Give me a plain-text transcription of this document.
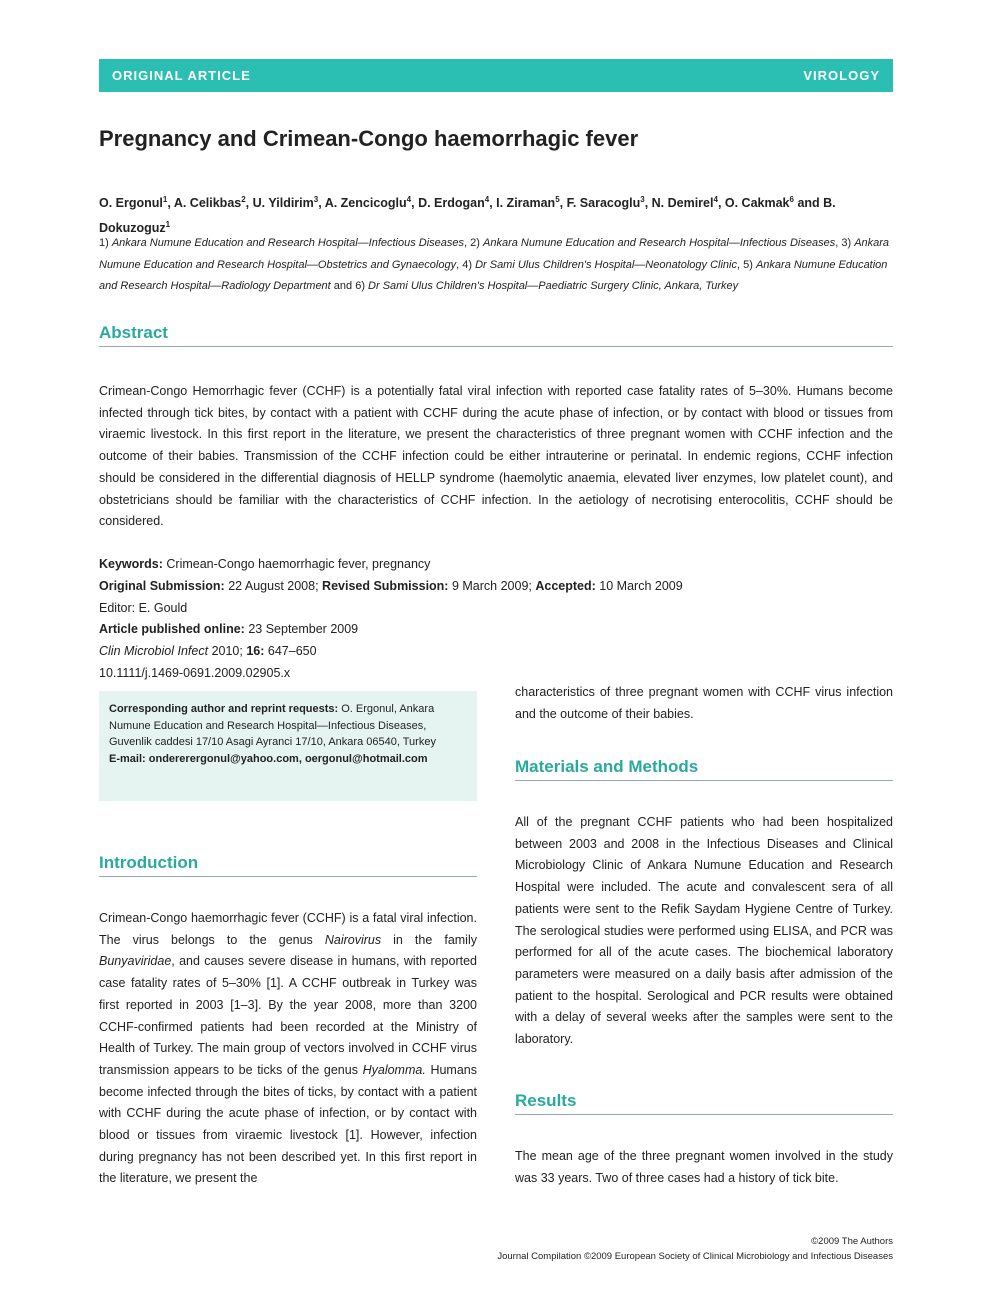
ORIGINAL ARTICLE	VIROLOGY
Pregnancy and Crimean-Congo haemorrhagic fever
O. Ergonul$^1$, A. Celikbas$^2$, U. Yildirim$^3$, A. Zencicoglu$^4$, D. Erdogan$^4$, I. Ziraman$^5$, F. Saracoglu$^3$, N. Demirel$^4$, O. Cakmak$^6$ and B. Dokuzoguz$^1$
1) Ankara Numune Education and Research Hospital—Infectious Diseases, 2) Ankara Numune Education and Research Hospital—Infectious Diseases, 3) Ankara Numune Education and Research Hospital—Obstetrics and Gynaecology, 4) Dr Sami Ulus Children's Hospital—Neonatology Clinic, 5) Ankara Numune Education and Research Hospital—Radiology Department and 6) Dr Sami Ulus Children's Hospital—Paediatric Surgery Clinic, Ankara, Turkey
Abstract

Crimean-Congo Hemorrhagic fever (CCHF) is a potentially fatal viral infection with reported case fatality rates of 5–30%. Humans become infected through tick bites, by contact with a patient with CCHF during the acute phase of infection, or by contact with blood or tissues from viraemic livestock. In this first report in the literature, we present the characteristics of three pregnant women with CCHF infection and the outcome of their babies. Transmission of the CCHF infection could be either intrauterine or perinatal. In endemic regions, CCHF infection should be considered in the differential diagnosis of HELLP syndrome (haemolytic anaemia, elevated liver enzymes, low platelet count), and obstetricians should be familiar with the characteristics of CCHF infection. In the aetiology of necrotising enterocolitis, CCHF should be considered.

Keywords: Crimean-Congo haemorrhagic fever, pregnancy
Original Submission: 22 August 2008; Revised Submission: 9 March 2009; Accepted: 10 March 2009
Editor: E. Gould
Article published online: 23 September 2009
Clin Microbiol Infect 2010; 16: 647–650
10.1111/j.1469-0691.2009.02905.x
Corresponding author and reprint requests: O. Ergonul, Ankara Numune Education and Research Hospital—Infectious Diseases, Guvenlik caddesi 17/10 Asagi Ayranci 17/10, Ankara 06540, Turkey
E-mail: ondererergonul@yahoo.com, oergonul@hotmail.com
Introduction

Crimean-Congo haemorrhagic fever (CCHF) is a fatal viral infection. The virus belongs to the genus Nairovirus in the family Bunyaviridae, and causes severe disease in humans, with reported case fatality rates of 5–30% [1]. A CCHF outbreak in Turkey was first reported in 2003 [1–3]. By the year 2008, more than 3200 CCHF-confirmed patients had been recorded at the Ministry of Health of Turkey. The main group of vectors involved in CCHF virus transmission appears to be ticks of the genus Hyalomma. Humans become infected through the bites of ticks, by contact with a patient with CCHF during the acute phase of infection, or by contact with blood or tissues from viraemic livestock [1]. However, infection during pregnancy has not been described yet. In this first report in the literature, we present the

characteristics of three pregnant women with CCHF virus infection and the outcome of their babies.

Materials and Methods

All of the pregnant CCHF patients who had been hospitalized between 2003 and 2008 in the Infectious Diseases and Clinical Microbiology Clinic of Ankara Numune Education and Research Hospital were included. The acute and convalescent sera of all patients were sent to the Refik Saydam Hygiene Centre of Turkey. The serological studies were performed using ELISA, and PCR was performed for all of the acute cases. The biochemical laboratory parameters were measured on a daily basis after admission of the patient to the hospital. Serological and PCR results were obtained with a delay of several weeks after the samples were sent to the laboratory.

Results

The mean age of the three pregnant women involved in the study was 33 years. Two of three cases had a history of tick bite.

©2009 The Authors
Journal Compilation ©2009 European Society of Clinical Microbiology and Infectious Diseases
